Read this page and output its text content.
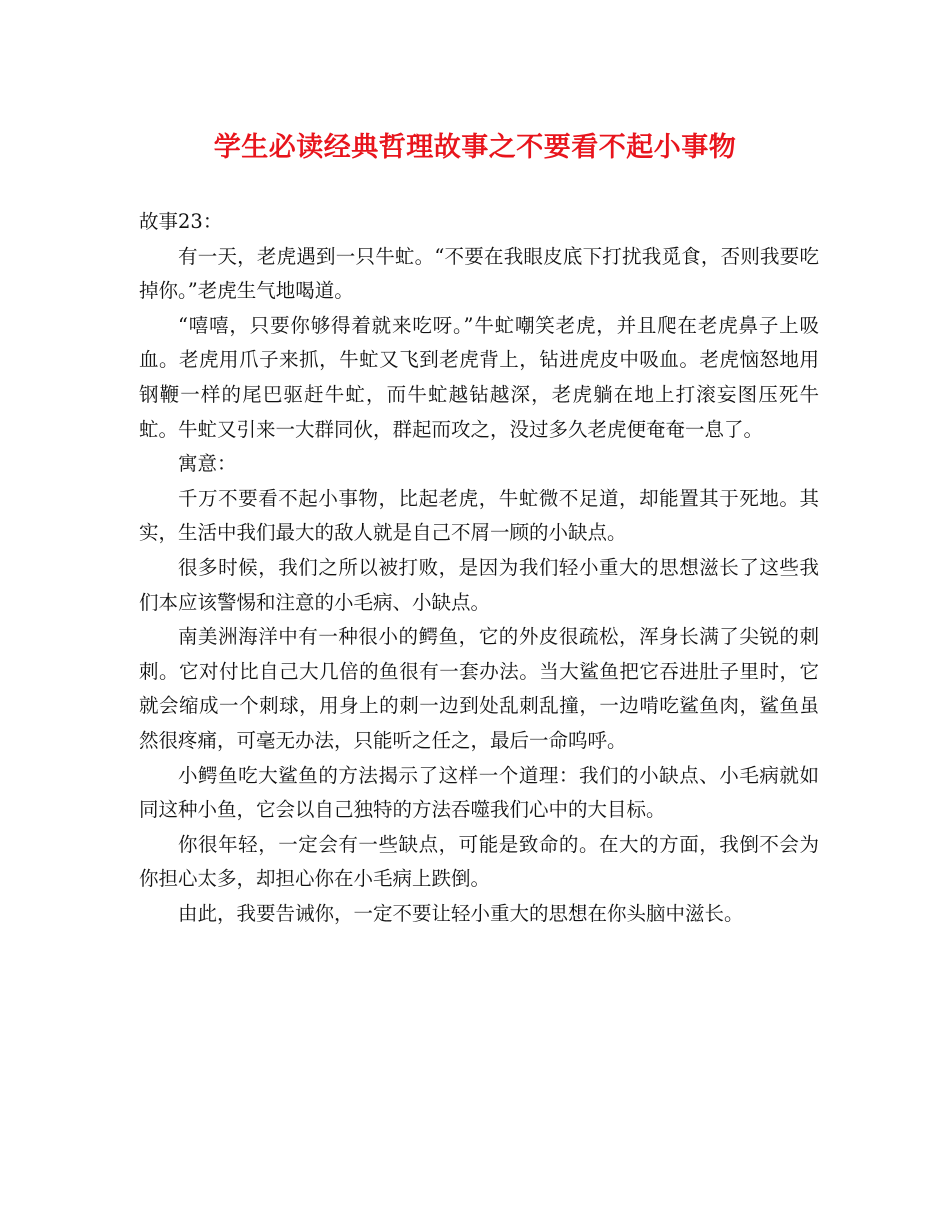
学生必读经典哲理故事之不要看不起小事物

故事23：

有一天，老虎遇到一只牛虻。“不要在我眼皮底下打扰我觅食，否则我要吃掉你。”老虎生气地喝道。

“嘻嘻，只要你够得着就来吃呀。”牛虻嘲笑老虎，并且爬在老虎鼻子上吸血。老虎用爪子来抓，牛虻又飞到老虎背上，钻进虎皮中吸血。老虎恼怒地用钢鞭一样的尾巴驱赶牛虻，而牛虻越钻越深，老虎躺在地上打滚妄图压死牛虻。牛虻又引来一大群同伙，群起而攻之，没过多久老虎便奄奄一息了。

寓意：

千万不要看不起小事物，比起老虎，牛虻微不足道，却能置其于死地。其实，生活中我们最大的敌人就是自己不屑一顾的小缺点。

很多时候，我们之所以被打败，是因为我们轻小重大的思想滋长了这些我们本应该警惕和注意的小毛病、小缺点。

南美洲海洋中有一种很小的鳄鱼，它的外皮很疏松，浑身长满了尖锐的刺刺。它对付比自己大几倍的鱼很有一套办法。当大鲨鱼把它吞进肚子里时，它就会缩成一个刺球，用身上的刺一边到处乱刺乱撞，一边啃吃鲨鱼肉，鲨鱼虽然很疼痛，可毫无办法，只能听之任之，最后一命呜呼。

小鳄鱼吃大鲨鱼的方法揭示了这样一个道理：我们的小缺点、小毛病就如同这种小鱼，它会以自己独特的方法吞噬我们心中的大目标。

你很年轻，一定会有一些缺点，可能是致命的。在大的方面，我倒不会为你担心太多，却担心你在小毛病上跌倒。

由此，我要告诫你，一定不要让轻小重大的思想在你头脑中滋长。
